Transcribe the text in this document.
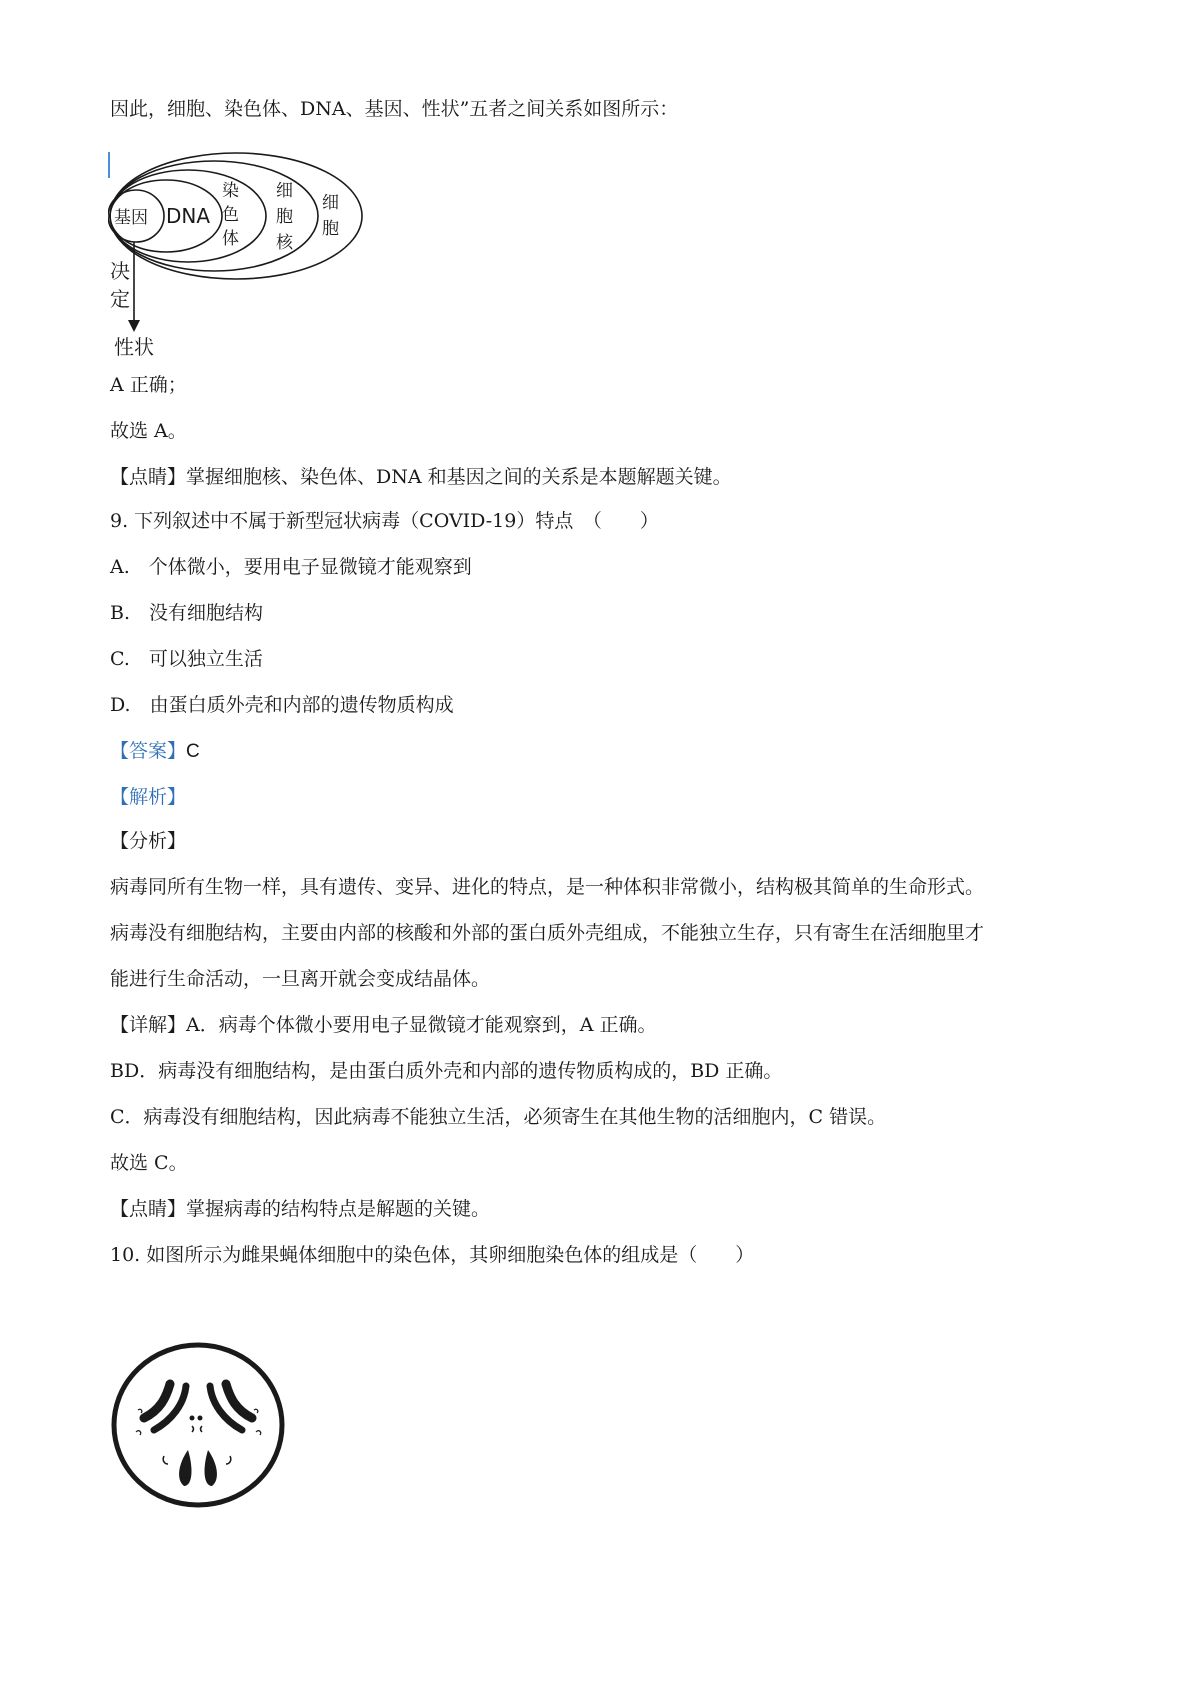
因此，细胞、染色体、DNA、基因、性状”五者之间关系如图所示：
基因 DNA
染
色
体
细
胞
核
细
胞
决
定
性状
A 正确；
故选 A。
【点睛】掌握细胞核、染色体、DNA 和基因之间的关系是本题解题关键。
9. 下列叙述中不属于新型冠状病毒（COVID-19）特点　（　　）
A.　个体微小，要用电子显微镜才能观察到
B.　没有细胞结构
C.　可以独立生活
D.　由蛋白质外壳和内部的遗传物质构成
【答案】C
【解析】
【分析】
病毒同所有生物一样，具有遗传、变异、进化的特点，是一种体积非常微小，结构极其简单的生命形式。
病毒没有细胞结构，主要由内部的核酸和外部的蛋白质外壳组成，不能独立生存，只有寄生在活细胞里才
能进行生命活动，一旦离开就会变成结晶体。
【详解】A．病毒个体微小要用电子显微镜才能观察到，A 正确。
BD．病毒没有细胞结构，是由蛋白质外壳和内部的遗传物质构成的，BD 正确。
C．病毒没有细胞结构，因此病毒不能独立生活，必须寄生在其他生物的活细胞内，C 错误。
故选 C。
【点睛】掌握病毒的结构特点是解题的关键。
10. 如图所示为雌果蝇体细胞中的染色体，其卵细胞染色体的组成是（　　）
